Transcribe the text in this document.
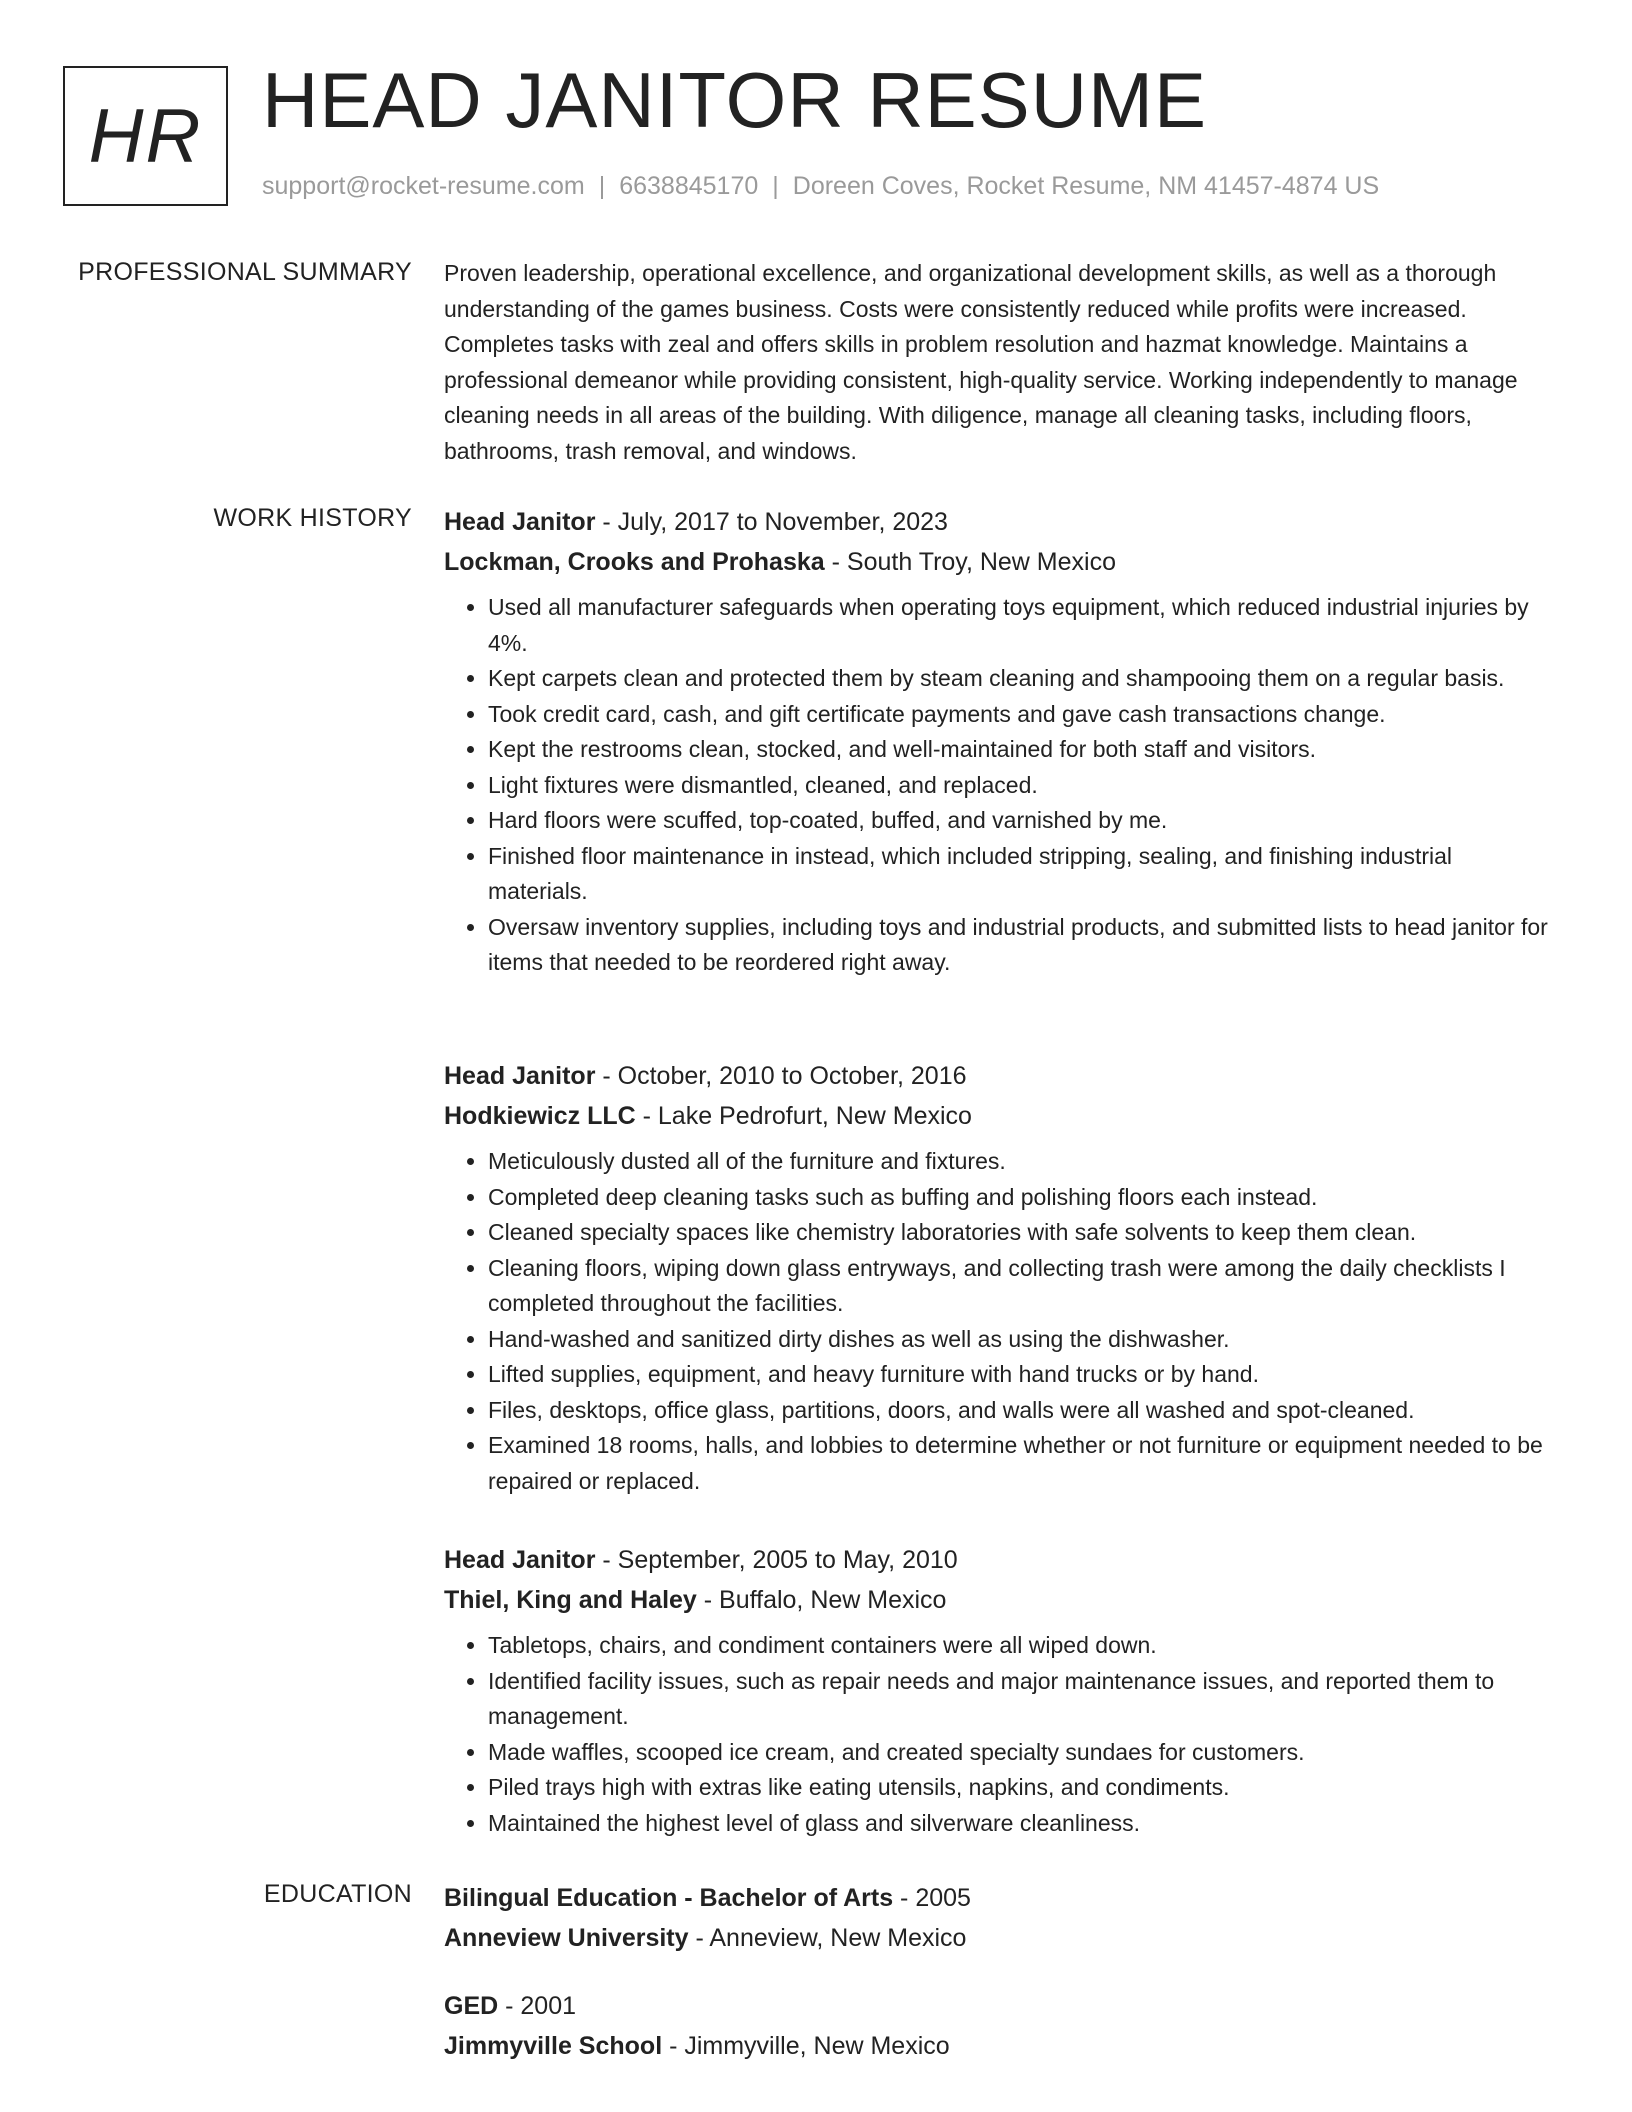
HR HEAD JANITOR RESUME
support@rocket-resume.com | 6638845170 | Doreen Coves, Rocket Resume, NM 41457-4874 US
PROFESSIONAL SUMMARY Proven leadership, operational excellence, and organizational development skills, as well as a thorough understanding of the games business. Costs were consistently reduced while profits were increased. Completes tasks with zeal and offers skills in problem resolution and hazmat knowledge. Maintains a professional demeanor while providing consistent, high-quality service. Working independently to manage cleaning needs in all areas of the building. With diligence, manage all cleaning tasks, including floors, bathrooms, trash removal, and windows.

WORK HISTORY Head Janitor - July, 2017 to November, 2023
Lockman, Crooks and Prohaska - South Troy, New Mexico
• Used all manufacturer safeguards when operating toys equipment, which reduced industrial injuries by 4%.
• Kept carpets clean and protected them by steam cleaning and shampooing them on a regular basis.
• Took credit card, cash, and gift certificate payments and gave cash transactions change.
• Kept the restrooms clean, stocked, and well-maintained for both staff and visitors.
• Light fixtures were dismantled, cleaned, and replaced.
• Hard floors were scuffed, top-coated, buffed, and varnished by me.
• Finished floor maintenance in instead, which included stripping, sealing, and finishing industrial materials.
• Oversaw inventory supplies, including toys and industrial products, and submitted lists to head janitor for items that needed to be reordered right away.
Head Janitor - October, 2010 to October, 2016
Hodkiewicz LLC - Lake Pedrofurt, New Mexico
• Meticulously dusted all of the furniture and fixtures.
• Completed deep cleaning tasks such as buffing and polishing floors each instead.
• Cleaned specialty spaces like chemistry laboratories with safe solvents to keep them clean.
• Cleaning floors, wiping down glass entryways, and collecting trash were among the daily checklists I completed throughout the facilities.
• Hand-washed and sanitized dirty dishes as well as using the dishwasher.
• Lifted supplies, equipment, and heavy furniture with hand trucks or by hand.
• Files, desktops, office glass, partitions, doors, and walls were all washed and spot-cleaned.
• Examined 18 rooms, halls, and lobbies to determine whether or not furniture or equipment needed to be repaired or replaced.
Head Janitor - September, 2005 to May, 2010
Thiel, King and Haley - Buffalo, New Mexico
• Tabletops, chairs, and condiment containers were all wiped down.
• Identified facility issues, such as repair needs and major maintenance issues, and reported them to management.
• Made waffles, scooped ice cream, and created specialty sundaes for customers.
• Piled trays high with extras like eating utensils, napkins, and condiments.
• Maintained the highest level of glass and silverware cleanliness.
EDUCATION Bilingual Education - Bachelor of Arts - 2005
Anneview University - Anneview, New Mexico
GED - 2001
Jimmyville School - Jimmyville, New Mexico
